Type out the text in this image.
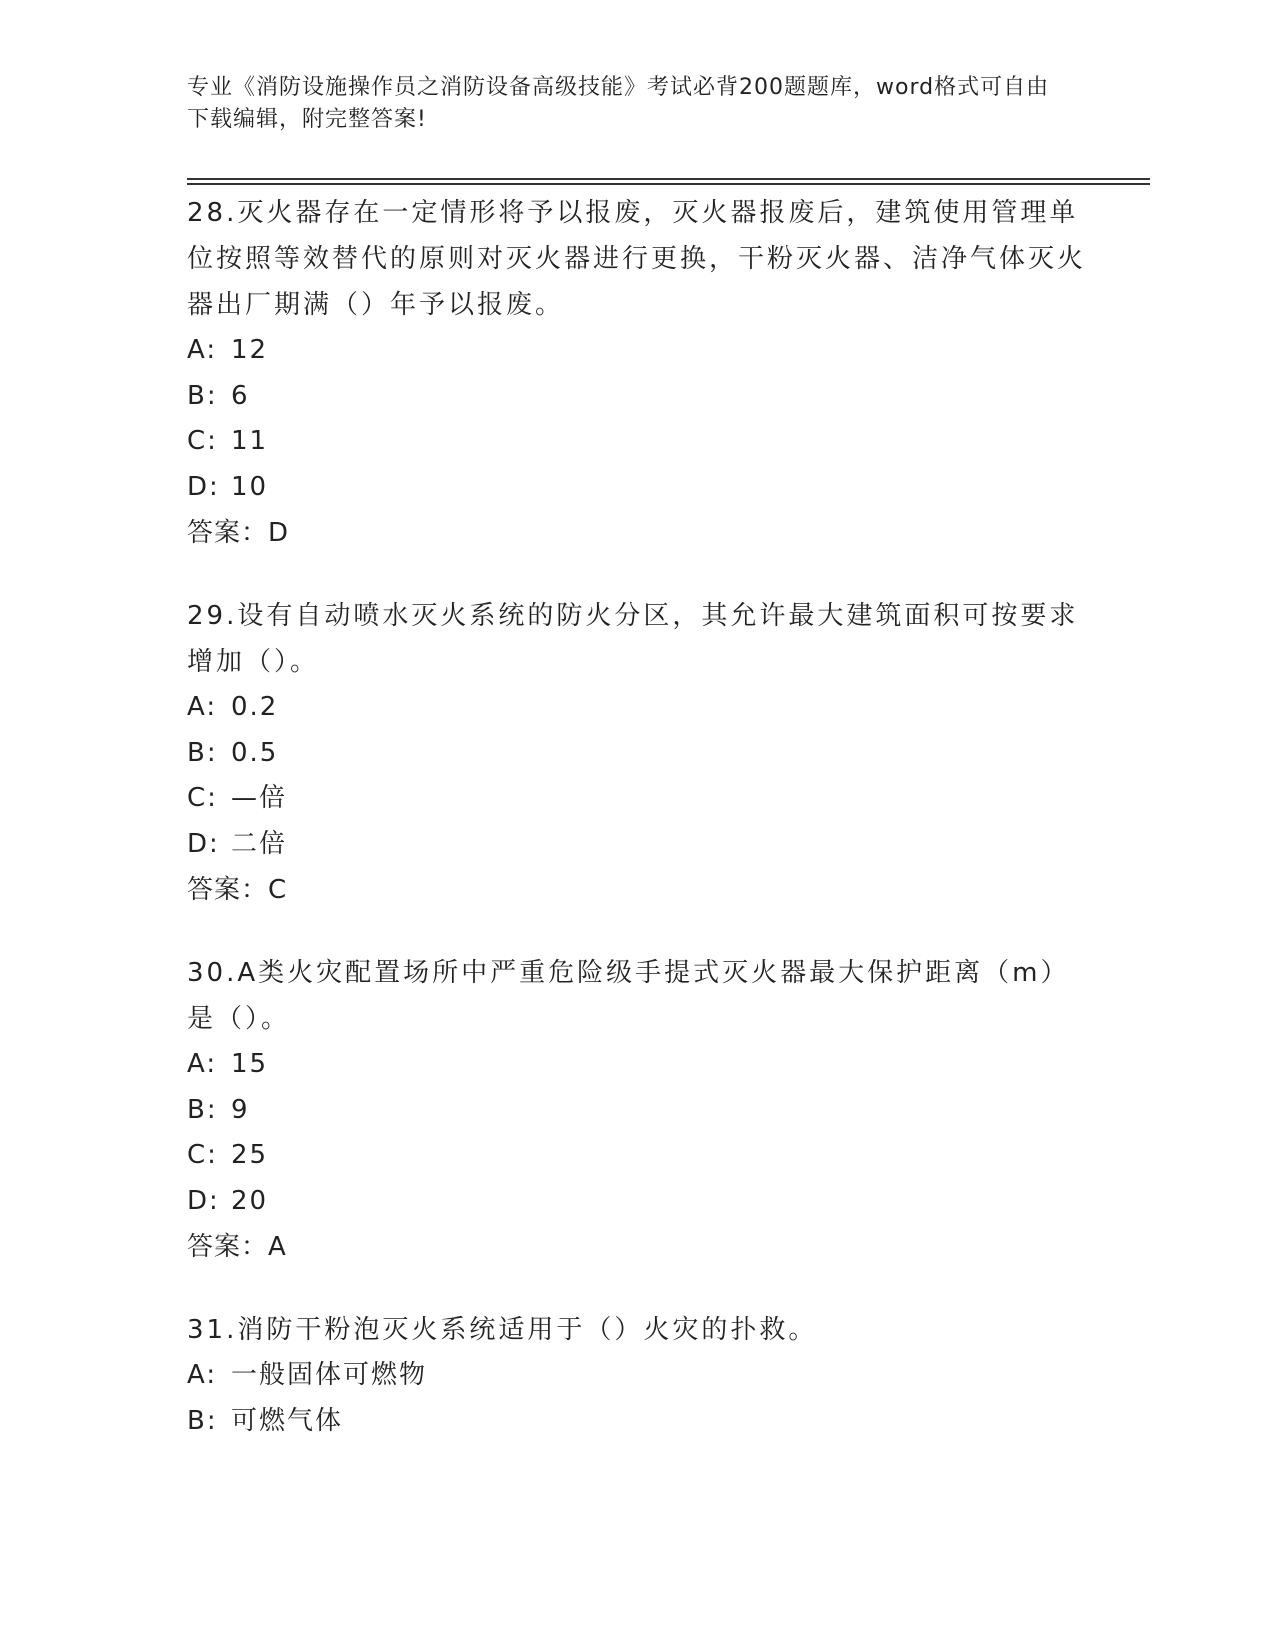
专业《消防设施操作员之消防设备高级技能》考试必背200题题库，word格式可自由下载编辑，附完整答案!

28.灭火器存在一定情形将予以报废，灭火器报废后，建筑使用管理单位按照等效替代的原则对灭火器进行更换，干粉灭火器、洁净气体灭火器出厂期满（）年予以报废。

A: 12

B: 6

C: 11

D: 10

答案：D

29.设有自动喷水灭火系统的防火分区，其允许最大建筑面积可按要求增加（）。

A: 0.2

B: 0.5

C: —倍

D: 二倍

答案：C

30.A类火灾配置场所中严重危险级手提式灭火器最大保护距离（m）是（）。

A: 15

B: 9

C: 25

D: 20

答案：A

31.消防干粉泡灭火系统适用于（）火灾的扑救。

A: 一般固体可燃物

B: 可燃气体
